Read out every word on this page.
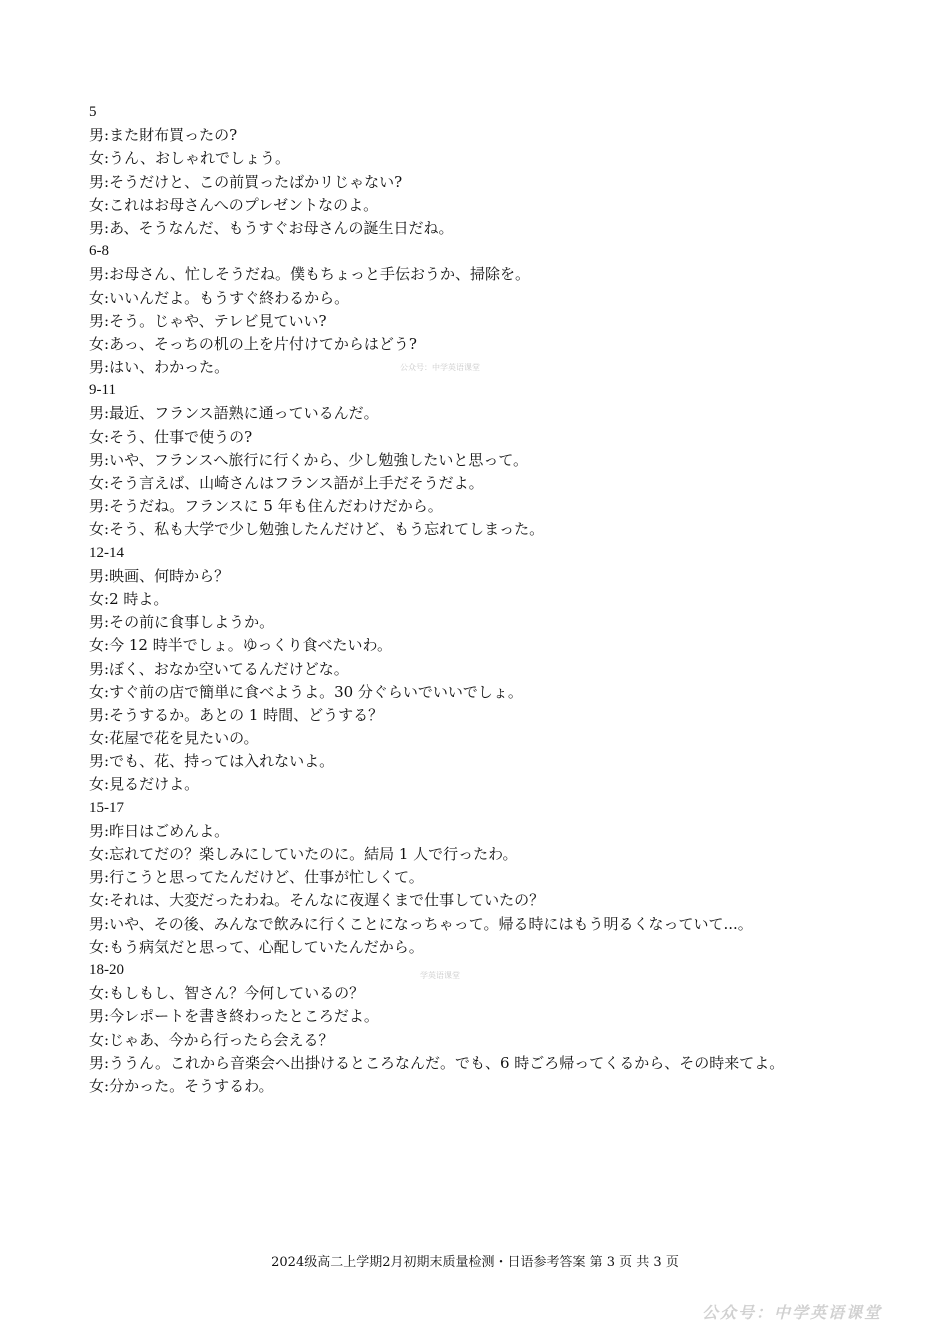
5
男:また財布買ったの?
女:うん、おしゃれでしょう。
男:そうだけと、この前買ったばかリじゃない?
女:これはお母さんへのプレゼントなのよ。
男:あ、そうなんだ、もうすぐお母さんの誕生日だね。
6-8
男:お母さん、忙しそうだね。僕もちょっと手伝おうか、掃除を。
女:いいんだよ。もうすぐ終わるから。
男:そう。じゃや、テレビ見ていい?
女:あっ、そっちの机の上を片付けてからはどう?
男:はい、わかった。
9-11
男:最近、フランス語熟に通っているんだ。
女:そう、仕事で使うの?
男:いや、フランスへ旅行に行くから、少し勉強したいと思って。
女:そう言えば、山崎さんはフランス語が上手だそうだよ。
男:そうだね。フランスに 5 年も住んだわけだから。
女:そう、私も大学で少し勉強したんだけど、もう忘れてしまった。
12-14
男:映画、何時から？
女:2 時よ。
男:その前に食事しようか。
女:今 12 時半でしょ。ゆっくり食べたいわ。
男:ぼく、おなか空いてるんだけどな。
女:すぐ前の店で簡単に食べようよ。30 分ぐらいでいいでしょ。
男:そうするか。あとの 1 時間、どうする？
女:花屋で花を見たいの。
男:でも、花、持っては入れないよ。
女:見るだけよ。
15-17
男:昨日はごめんよ。
女:忘れてだの？楽しみにしていたのに。結局 1 人で行ったわ。
男:行こうと思ってたんだけど、仕事が忙しくて。
女:それは、大変だったわね。そんなに夜遅くまで仕事していたの？
男:いや、その後、みんなで飲みに行くことになっちゃって。帰る時にはもう明るくなっていて...。
女:もう病気だと思って、心配していたんだから。
18-20
女:もしもし、智さん？今何しているの？
男:今レポートを書き終わったところだよ。
女:じゃあ、今から行ったら会える？
男:ううん。これから音楽会へ出掛けるところなんだ。でも、6 時ごろ帰ってくるから、その時来てよ。
女:分かった。そうするわ。
公众号：中学英语课堂
学英语课堂
2024级高二上学期2月初期末质量检测・日语参考答案 第 3 页 共 3 页
公众号：中学英语课堂
